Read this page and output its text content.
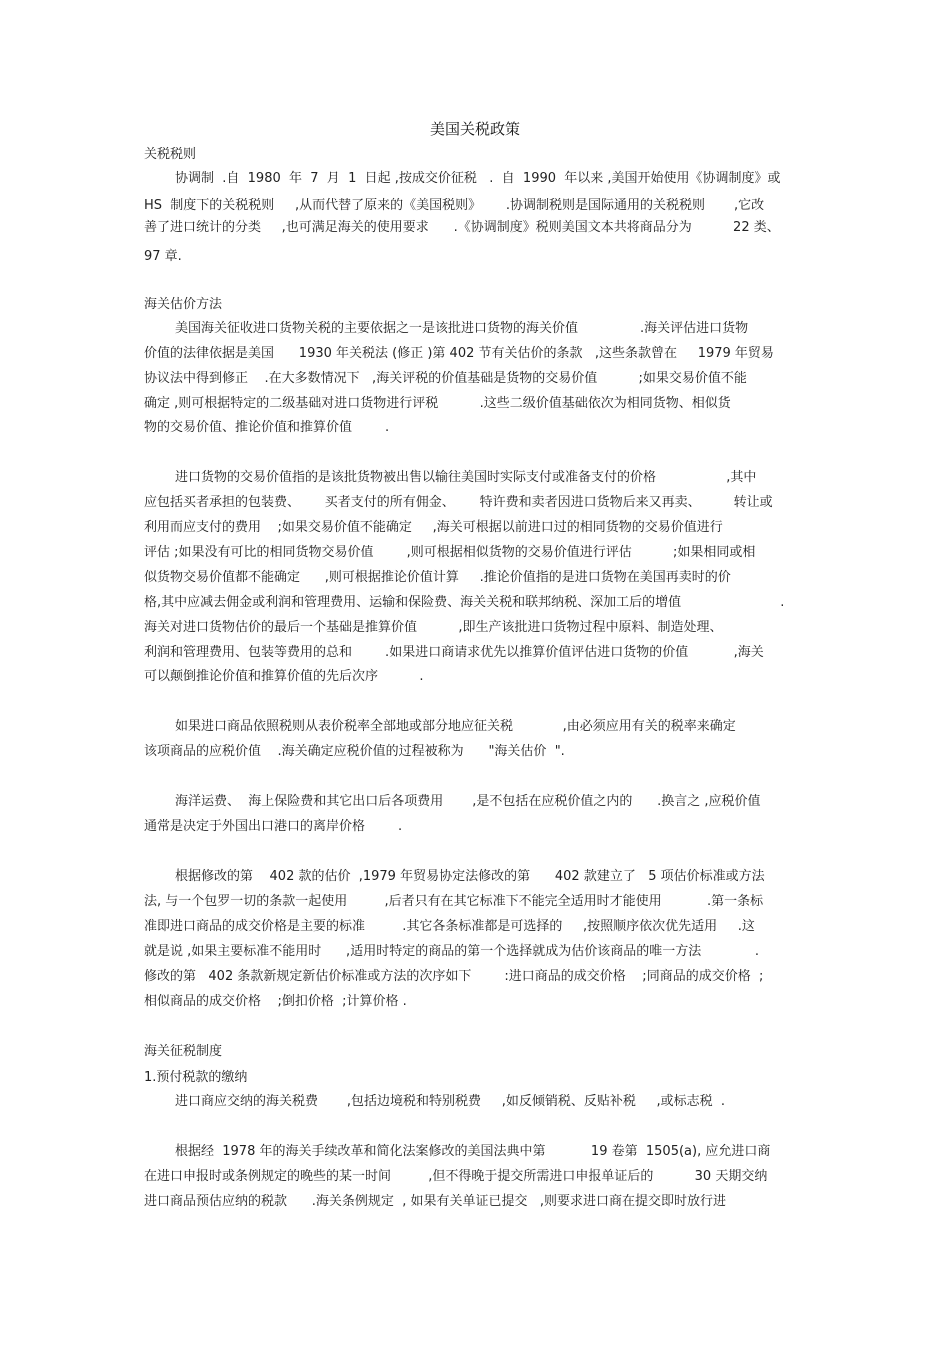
美国关税政策
关税税则
协调制  .自  1980  年  7  月  1  日起 ,按成交价征税   .  自  1990  年以来 ,美国开始使用《协调制度》或
HS  制度下的关税税则     ,从而代替了原来的《美国税则》      .协调制税则是国际通用的关税税则       ,它改
善了进口统计的分类     ,也可满足海关的使用要求      .《协调制度》税则美国文本共将商品分为          22 类、
97 章.
海关估价方法
美国海关征收进口货物关税的主要依据之一是该批进口货物的海关价值               .海关评估进口货物
价值的法律依据是美国      1930 年关税法 (修正 )第 402 节有关估价的条款   ,这些条款曾在     1979 年贸易
协议法中得到修正    .在大多数情况下   ,海关评税的价值基础是货物的交易价值          ;如果交易价值不能
确定 ,则可根据特定的二级基础对进口货物进行评税          .这些二级价值基础依次为相同货物、相似货
物的交易价值、推论价值和推算价值        .
进口货物的交易价值指的是该批货物被出售以输往美国时实际支付或准备支付的价格                 ,其中
应包括买者承担的包装费、      买者支付的所有佣金、      特许费和卖者因进口货物后来又再卖、        转让或
利用而应支付的费用    ;如果交易价值不能确定     ,海关可根据以前进口过的相同货物的交易价值进行
评估 ;如果没有可比的相同货物交易价值        ,则可根据相似货物的交易价值进行评估          ;如果相同或相
似货物交易价值都不能确定      ,则可根据推论价值计算     .推论价值指的是进口货物在美国再卖时的价
格,其中应减去佣金或利润和管理费用、运输和保险费、海关关税和联邦纳税、深加工后的增值                        .
海关对进口货物估价的最后一个基础是推算价值          ,即生产该批进口货物过程中原料、制造处理、
利润和管理费用、包装等费用的总和        .如果进口商请求优先以推算价值评估进口货物的价值           ,海关
可以颠倒推论价值和推算价值的先后次序          .
如果进口商品依照税则从表价税率全部地或部分地应征关税            ,由必须应用有关的税率来确定
该项商品的应税价值    .海关确定应税价值的过程被称为      "海关估价  ".
海洋运费、  海上保险费和其它出口后各项费用       ,是不包括在应税价值之内的      .换言之 ,应税价值
通常是决定于外国出口港口的离岸价格        .
根据修改的第    402 款的估价  ,1979 年贸易协定法修改的第      402 款建立了   5 项估价标准或方法
法, 与一个包罗一切的条款一起使用         ,后者只有在其它标准下不能完全适用时才能使用           .第一条标
准即进口商品的成交价格是主要的标准         .其它各条标准都是可选择的     ,按照顺序依次优先适用     .这
就是说 ,如果主要标准不能用时      ,适用时特定的商品的第一个选择就成为估价该商品的唯一方法             .
修改的第   402 条款新规定新估价标准或方法的次序如下        :进口商品的成交价格    ;同商品的成交价格  ;
相似商品的成交价格    ;倒扣价格  ;计算价格 .
海关征税制度
1.预付税款的缴纳
进口商应交纳的海关税费       ,包括边境税和特别税费     ,如反倾销税、反贴补税     ,或标志税  .
根据经  1978 年的海关手续改革和简化法案修改的美国法典中第           19 卷第  1505(a), 应允进口商
在进口申报时或条例规定的晚些的某一时间         ,但不得晚于提交所需进口申报单证后的          30 天期交纳
进口商品预估应纳的税款      .海关条例规定  , 如果有关单证已提交   ,则要求进口商在提交即时放行进
